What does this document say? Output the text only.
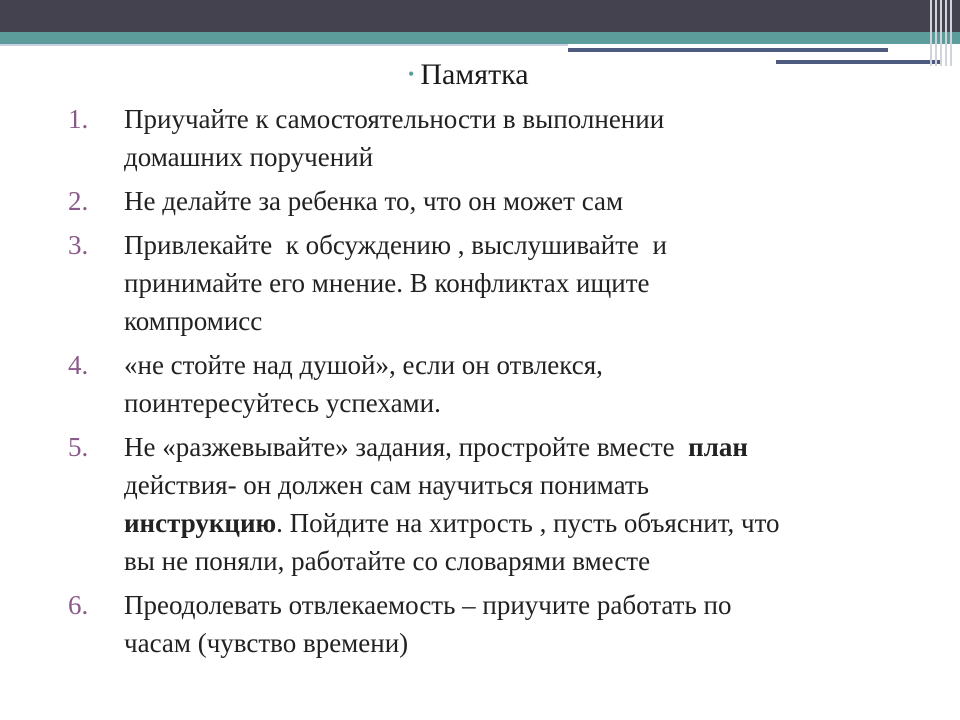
• Памятка
1.	Приучайте к самостоятельности в выполнении
домашних поручений
2.	Не делайте за ребенка то, что он может сам
3.	Привлекайте  к обсуждению , выслушивайте  и
принимайте его мнение. В конфликтах ищите
компромисс
4.	«не стойте над душой», если он отвлекся,
поинтересуйтесь успехами.
5.	Не «разжевывайте» задания, простройте вместе  план
действия- он должен сам научиться понимать
инструкцию. Пойдите на хитрость , пусть объяснит, что
вы не поняли, работайте со словарями вместе
6.	Преодолевать отвлекаемость – приучите работать по
часам (чувство времени)
